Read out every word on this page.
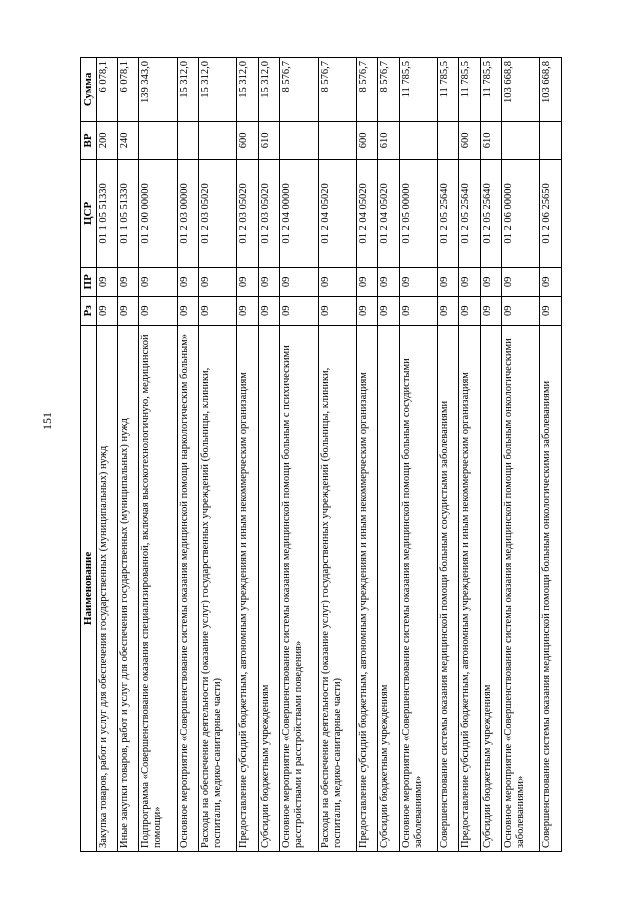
151
Наименование	Рз	ПР	ЦСР	ВР	Сумма
Закупка товаров, работ и услуг для обеспечения государственных (муниципальных) нужд	09	09	01 1 05 51330	200	6 078,1
Иные закупки товаров, работ и услуг для обеспечения государственных (муниципальных) нужд	09	09	01 1 05 51330	240	6 078,1
Подпрограмма «Совершенствование оказания специализированной, включая высокотехнологичную, медицинской помощи»	09	09	01 2 00 00000		139 343,0
Основное мероприятие «Совершенствование системы оказания медицинской помощи наркологическим больным»	09	09	01 2 03 00000		15 312,0
Расходы на обеспечение деятельности (оказание услуг) государственных учреждений (больницы, клиники, госпитали, медико-санитарные части)	09	09	01 2 03 05020		15 312,0
Предоставление субсидий бюджетным, автономным учреждениям и иным некоммерческим организациям	09	09	01 2 03 05020	600	15 312,0
Субсидии бюджетным учреждениям	09	09	01 2 03 05020	610	15 312,0
Основное мероприятие «Совершенствование системы оказания медицинской помощи больным с психическими расстройствами и расстройствами поведения»	09	09	01 2 04 00000		8 576,7
Расходы на обеспечение деятельности (оказание услуг) государственных учреждений (больницы, клиники, госпитали, медико-санитарные части)	09	09	01 2 04 05020		8 576,7
Предоставление субсидий бюджетным, автономным учреждениям и иным некоммерческим организациям	09	09	01 2 04 05020	600	8 576,7
Субсидии бюджетным учреждениям	09	09	01 2 04 05020	610	8 576,7
Основное мероприятие «Совершенствование системы оказания медицинской помощи больным сосудистыми заболеваниями»	09	09	01 2 05 00000		11 785,5
Совершенствование системы оказания медицинской помощи больным сосудистыми заболеваниями	09	09	01 2 05 25640		11 785,5
Предоставление субсидий бюджетным, автономным учреждениям и иным некоммерческим организациям	09	09	01 2 05 25640	600	11 785,5
Субсидии бюджетным учреждениям	09	09	01 2 05 25640	610	11 785,5
Основное мероприятие «Совершенствование системы оказания медицинской помощи больным онкологическими заболеваниями»	09	09	01 2 06 00000		103 668,8
Совершенствование системы оказания медицинской помощи больным онкологическими заболеваниями	09	09	01 2 06 25650		103 668,8
